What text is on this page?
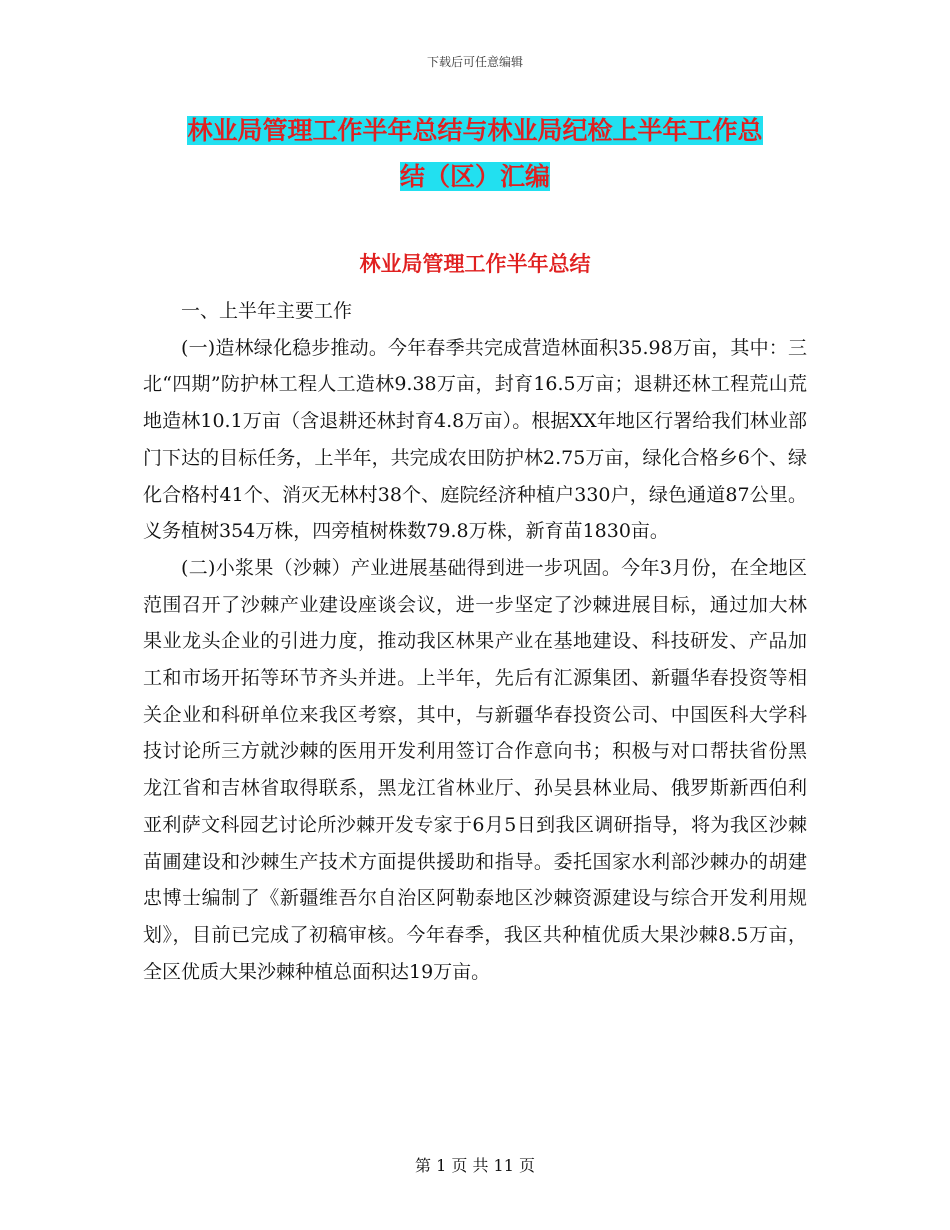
下载后可任意编辑
林业局管理工作半年总结与林业局纪检上半年工作总
结（区）汇编
林业局管理工作半年总结

一、上半年主要工作

(一)造林绿化稳步推动。今年春季共完成营造林面积35.98万亩，其中：三北“四期”防护林工程人工造林9.38万亩，封育16.5万亩；退耕还林工程荒山荒地造林10.1万亩（含退耕还林封育4.8万亩）。根据XX年地区行署给我们林业部门下达的目标任务，上半年，共完成农田防护林2.75万亩，绿化合格乡6个、绿化合格村41个、消灭无林村38个、庭院经济种植户330户，绿色通道87公里。义务植树354万株，四旁植树株数79.8万株，新育苗1830亩。

(二)小浆果（沙棘）产业进展基础得到进一步巩固。今年3月份，在全地区范围召开了沙棘产业建设座谈会议，进一步坚定了沙棘进展目标，通过加大林果业龙头企业的引进力度，推动我区林果产业在基地建设、科技研发、产品加工和市场开拓等环节齐头并进。上半年，先后有汇源集团、新疆华春投资等相关企业和科研单位来我区考察，其中，与新疆华春投资公司、中国医科大学科技讨论所三方就沙棘的医用开发利用签订合作意向书；积极与对口帮扶省份黑龙江省和吉林省取得联系，黑龙江省林业厅、孙吴县林业局、俄罗斯新西伯利亚利萨文科园艺讨论所沙棘开发专家于6月5日到我区调研指导，将为我区沙棘苗圃建设和沙棘生产技术方面提供援助和指导。委托国家水利部沙棘办的胡建忠博士编制了《新疆维吾尔自治区阿勒泰地区沙棘资源建设与综合开发利用规划》，目前已完成了初稿审核。今年春季，我区共种植优质大果沙棘8.5万亩，全区优质大果沙棘种植总面积达19万亩。

第 1 页 共 11 页
